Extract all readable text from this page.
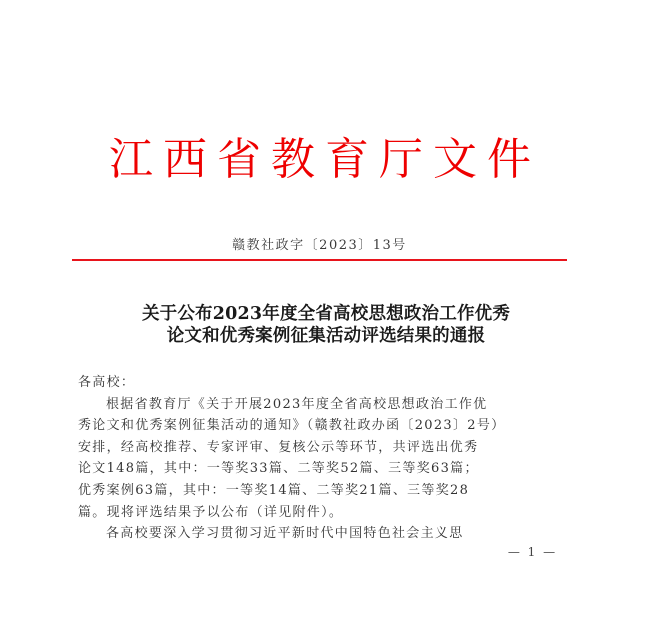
江西省教育厅文件
赣教社政字〔2023〕13号
关于公布2023年度全省高校思想政治工作优秀
论文和优秀案例征集活动评选结果的通报
各高校：
根据省教育厅《关于开展2023年度全省高校思想政治工作优
秀论文和优秀案例征集活动的通知》（赣教社政办函〔2023〕2号）
安排，经高校推荐、专家评审、复核公示等环节，共评选出优秀
论文148篇，其中：一等奖33篇、二等奖52篇、三等奖63篇；
优秀案例63篇，其中：一等奖14篇、二等奖21篇、三等奖28
篇。现将评选结果予以公布（详见附件）。
各高校要深入学习贯彻习近平新时代中国特色社会主义思
— 1 —
